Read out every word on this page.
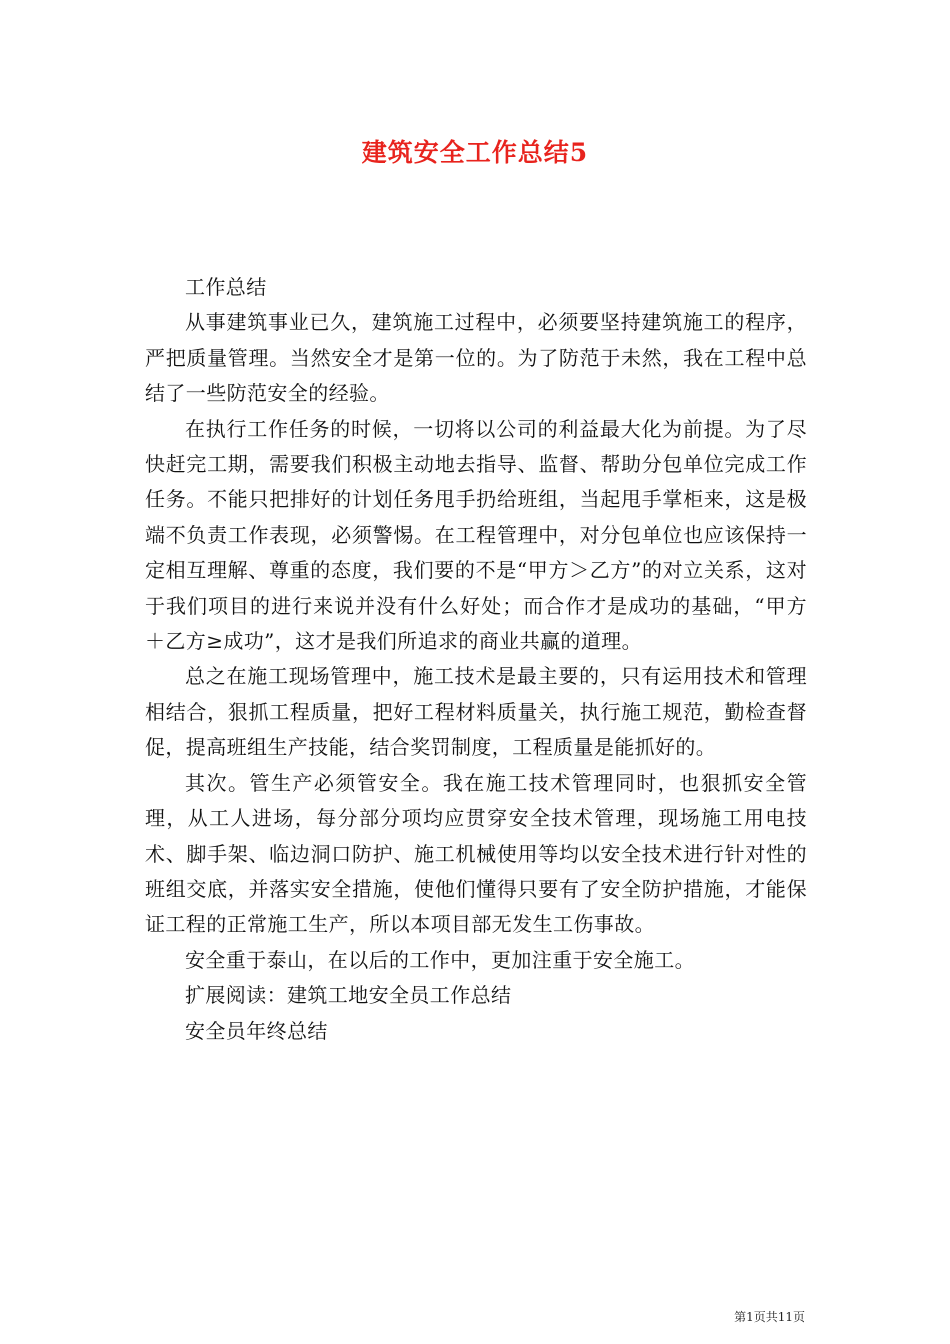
建筑安全工作总结5

工作总结

从事建筑事业已久，建筑施工过程中，必须要坚持建筑施工的程序，严把质量管理。当然安全才是第一位的。为了防范于未然，我在工程中总结了一些防范安全的经验。

在执行工作任务的时候，一切将以公司的利益最大化为前提。为了尽快赶完工期，需要我们积极主动地去指导、监督、帮助分包单位完成工作任务。不能只把排好的计划任务甩手扔给班组，当起甩手掌柜来，这是极端不负责工作表现，必须警惕。在工程管理中，对分包单位也应该保持一定相互理解、尊重的态度，我们要的不是“甲方＞乙方”的对立关系，这对于我们项目的进行来说并没有什么好处；而合作才是成功的基础，“甲方＋乙方≥成功”，这才是我们所追求的商业共赢的道理。

总之在施工现场管理中，施工技术是最主要的，只有运用技术和管理相结合，狠抓工程质量，把好工程材料质量关，执行施工规范，勤检查督促，提高班组生产技能，结合奖罚制度，工程质量是能抓好的。

其次。管生产必须管安全。我在施工技术管理同时，也狠抓安全管理，从工人进场，每分部分项均应贯穿安全技术管理，现场施工用电技术、脚手架、临边洞口防护、施工机械使用等均以安全技术进行针对性的班组交底，并落实安全措施，使他们懂得只要有了安全防护措施，才能保证工程的正常施工生产，所以本项目部无发生工伤事故。

安全重于泰山，在以后的工作中，更加注重于安全施工。

扩展阅读：建筑工地安全员工作总结

安全员年终总结

第1页共11页
